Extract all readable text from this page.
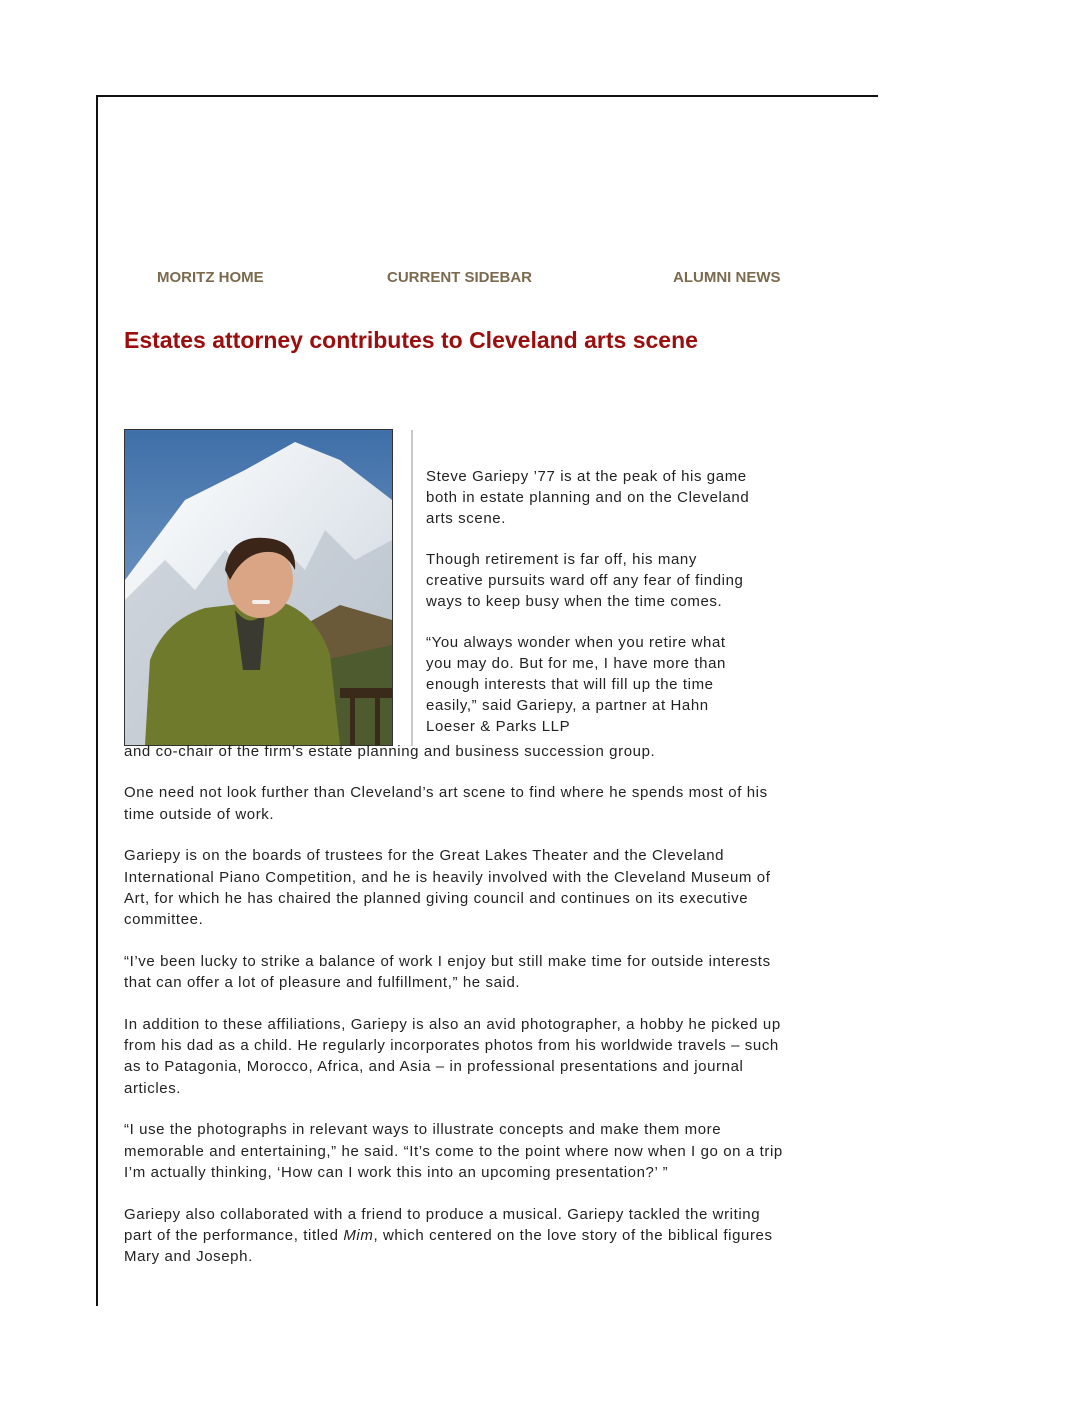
MORITZ HOME	CURRENT SIDEBAR	ALUMNI NEWS
Estates attorney contributes to Cleveland arts scene

Steve Gariepy ’77 is at the peak of his game both in estate planning and on the Cleveland arts scene.

Though retirement is far off, his many creative pursuits ward off any fear of finding ways to keep busy when the time comes.

“You always wonder when you retire what you may do. But for me, I have more than enough interests that will fill up the time easily,” said Gariepy, a partner at Hahn Loeser & Parks LLP

and co-chair of the firm’s estate planning and business succession group.

One need not look further than Cleveland’s art scene to find where he spends most of his time outside of work.

Gariepy is on the boards of trustees for the Great Lakes Theater and the Cleveland International Piano Competition, and he is heavily involved with the Cleveland Museum of Art, for which he has chaired the planned giving council and continues on its executive committee.

“I’ve been lucky to strike a balance of work I enjoy but still make time for outside interests that can offer a lot of pleasure and fulfillment,” he said.

In addition to these affiliations, Gariepy is also an avid photographer, a hobby he picked up from his dad as a child. He regularly incorporates photos from his worldwide travels – such as to Patagonia, Morocco, Africa, and Asia – in professional presentations and journal articles.

“I use the photographs in relevant ways to illustrate concepts and make them more memorable and entertaining,” he said. “It’s come to the point where now when I go on a trip I’m actually thinking, ‘How can I work this into an upcoming presentation?’ ”

Gariepy also collaborated with a friend to produce a musical. Gariepy tackled the writing part of the performance, titled Mim, which centered on the love story of the biblical figures Mary and Joseph.
